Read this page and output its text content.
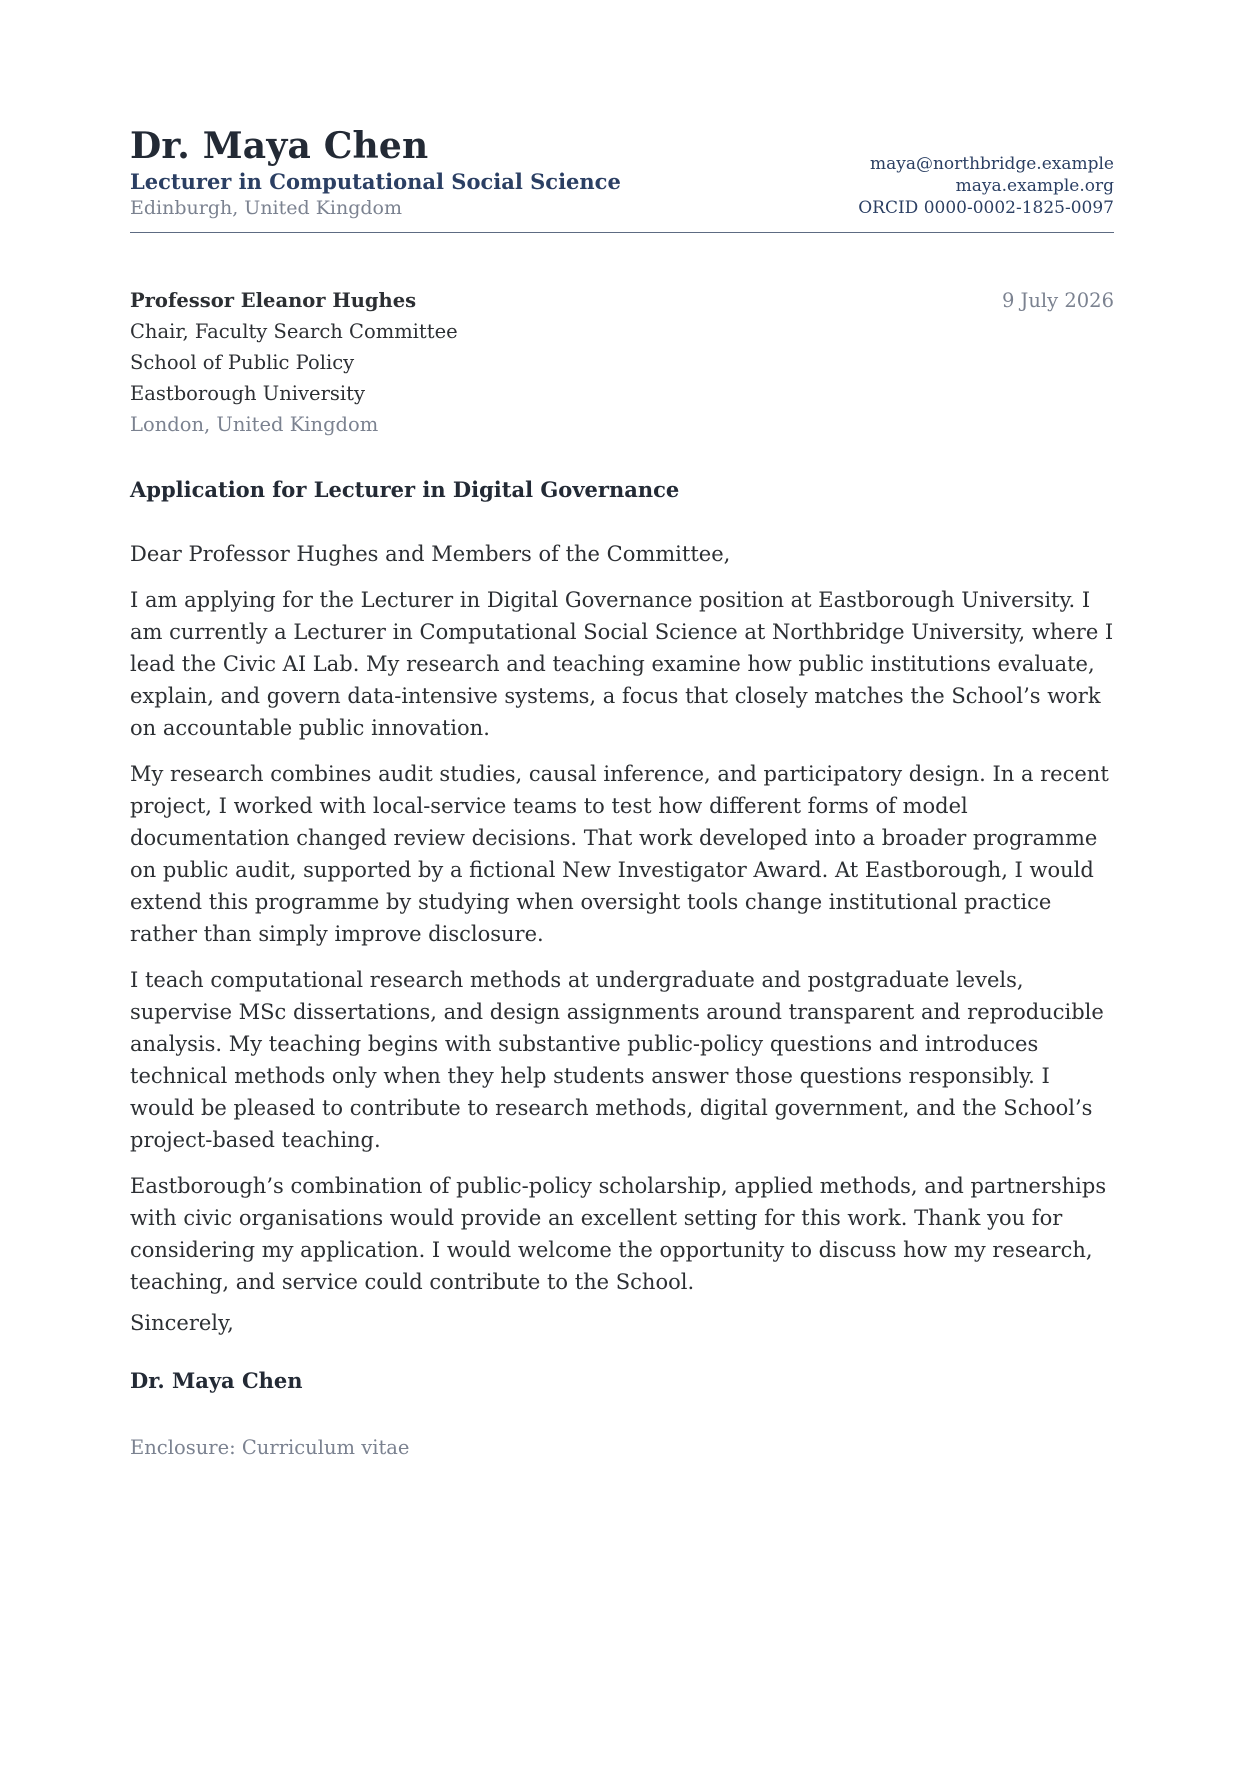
Dr. Maya Chen
Lecturer in Computational Social Science
Edinburgh, United Kingdom
maya@northbridge.example
maya.example.org
ORCID 0000-0002-1825-0097
Professor Eleanor Hughes
Chair, Faculty Search Committee
School of Public Policy
Eastborough University
London, United Kingdom
9 July 2026
Application for Lecturer in Digital Governance

Dear Professor Hughes and Members of the Committee,

I am applying for the Lecturer in Digital Governance position at Eastborough University. I am currently a Lecturer in Computational Social Science at Northbridge University, where I lead the Civic AI Lab. My research and teaching examine how public institutions evaluate, explain, and govern data-intensive systems, a focus that closely matches the School’s work on accountable public innovation.

My research combines audit studies, causal inference, and participatory design. In a recent project, I worked with local-service teams to test how different forms of model documentation changed review decisions. That work developed into a broader programme on public audit, supported by a fictional New Investigator Award. At Eastborough, I would extend this programme by studying when oversight tools change institutional practice rather than simply improve disclosure.

I teach computational research methods at undergraduate and postgraduate levels, supervise MSc dissertations, and design assignments around transparent and reproducible analysis. My teaching begins with substantive public-policy questions and introduces technical methods only when they help students answer those questions responsibly. I would be pleased to contribute to research methods, digital government, and the School’s project-based teaching.

Eastborough’s combination of public-policy scholarship, applied methods, and partnerships with civic organisations would provide an excellent setting for this work. Thank you for considering my application. I would welcome the opportunity to discuss how my research, teaching, and service could contribute to the School.

Sincerely,
Dr. Maya Chen
Enclosure: Curriculum vitae
